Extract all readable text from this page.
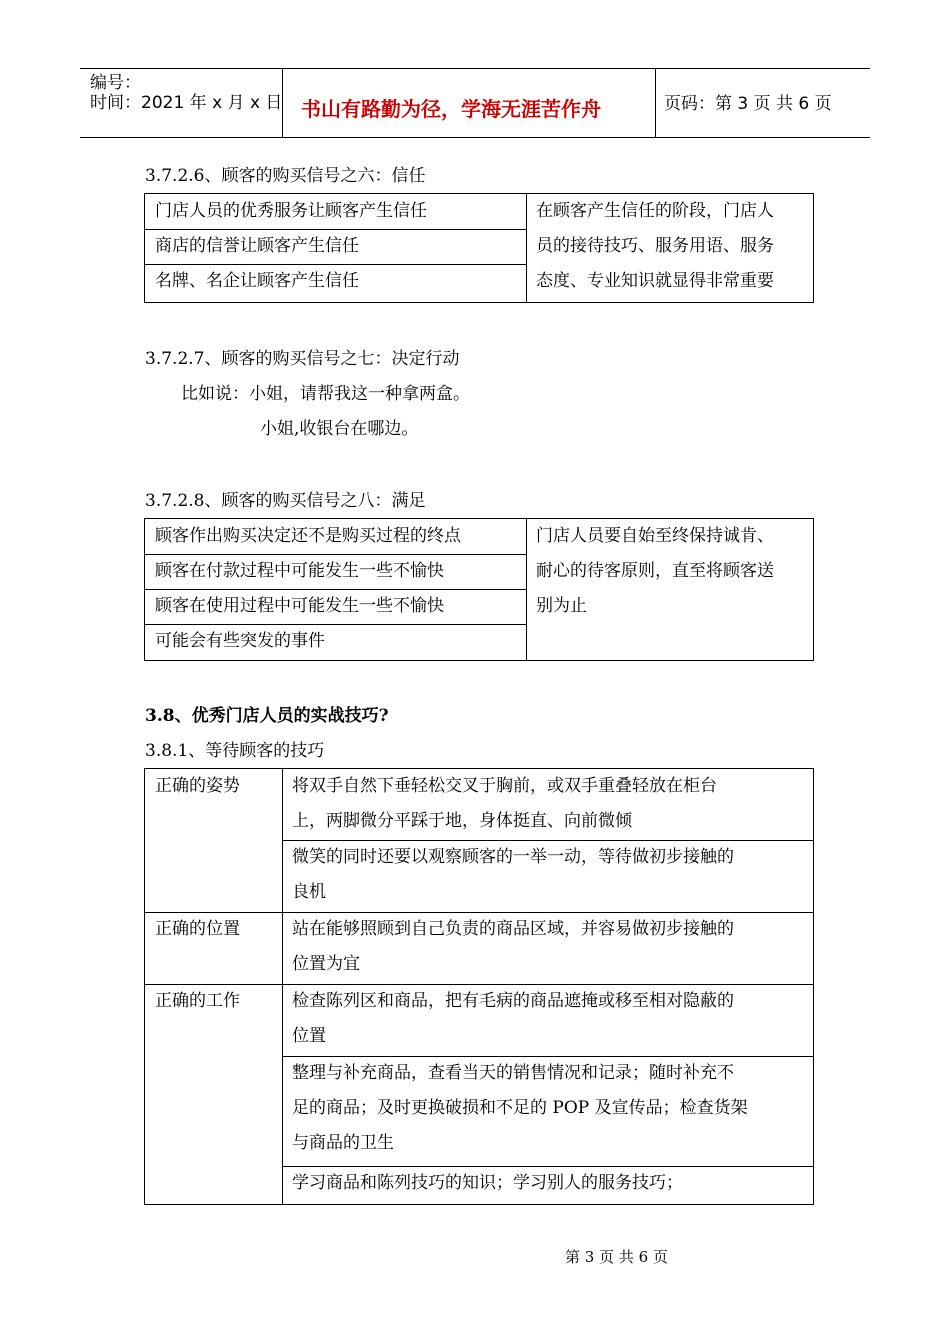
编号：
时间：2021 年 x 月 x 日 书山有路勤为径，学海无涯苦作舟	页码：第 3 页 共 6 页
3.7.2.6、顾客的购买信号之六：信任
门店人员的优秀服务让顾客产生信任
商店的信誉让顾客产生信任
名牌、名企让顾客产生信任
在顾客产生信任的阶段，门店人
员的接待技巧、服务用语、服务
态度、专业知识就显得非常重要
3.7.2.7、顾客的购买信号之七：决定行动
比如说：小姐，请帮我这一种拿两盒。
小姐,收银台在哪边。
3.7.2.8、顾客的购买信号之八：满足
顾客作出购买决定还不是购买过程的终点
顾客在付款过程中可能发生一些不愉快
顾客在使用过程中可能发生一些不愉快
可能会有些突发的事件
门店人员要自始至终保持诚肯、
耐心的待客原则，直至将顾客送
别为止
3.8、优秀门店人员的实战技巧?
3.8.1、等待顾客的技巧
正确的姿势
正确的位置
正确的工作
将双手自然下垂轻松交叉于胸前，或双手重叠轻放在柜台
上，两脚微分平踩于地，身体挺直、向前微倾
微笑的同时还要以观察顾客的一举一动，等待做初步接触的
良机
站在能够照顾到自己负责的商品区域，并容易做初步接触的
位置为宜
检查陈列区和商品，把有毛病的商品遮掩或移至相对隐蔽的
位置
整理与补充商品，查看当天的销售情况和记录；随时补充不
足的商品；及时更换破损和不足的 POP 及宣传品；检查货架
与商品的卫生
学习商品和陈列技巧的知识；学习别人的服务技巧；
第 3 页 共 6 页
